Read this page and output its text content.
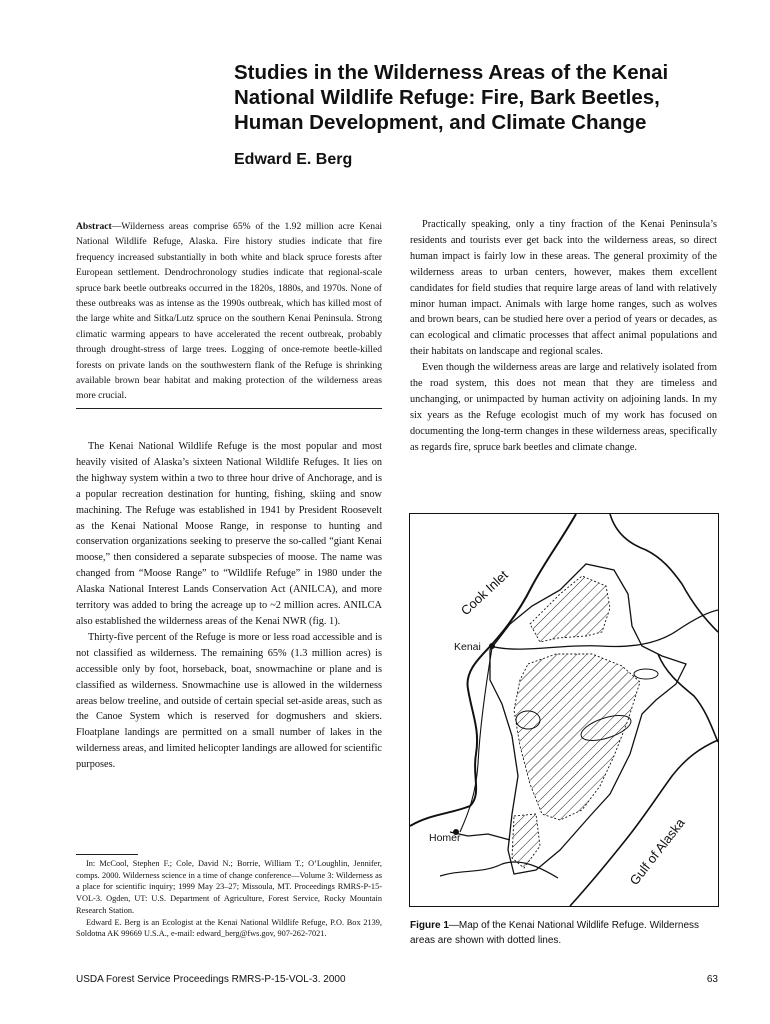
Studies in the Wilderness Areas of the Kenai National Wildlife Refuge: Fire, Bark Beetles, Human Development, and Climate Change

Edward E. Berg

Abstract—Wilderness areas comprise 65% of the 1.92 million acre Kenai National Wildlife Refuge, Alaska. Fire history studies indicate that fire frequency increased substantially in both white and black spruce forests after European settlement. Dendrochronology studies indicate that regional-scale spruce bark beetle outbreaks occurred in the 1820s, 1880s, and 1970s. None of these outbreaks was as intense as the 1990s outbreak, which has killed most of the large white and Sitka/Lutz spruce on the southern Kenai Peninsula. Strong climatic warming appears to have accelerated the recent outbreak, probably through drought-stress of large trees. Logging of once-remote beetle-killed forests on private lands on the southwestern flank of the Refuge is shrinking available brown bear habitat and making protection of the wilderness areas more crucial.

The Kenai National Wildlife Refuge is the most popular and most heavily visited of Alaska’s sixteen National Wildlife Refuges. It lies on the highway system within a two to three hour drive of Anchorage, and is a popular recreation destination for hunting, fishing, skiing and snow machining. The Refuge was established in 1941 by President Roosevelt as the Kenai National Moose Range, in response to hunting and conservation organizations seeking to preserve the so-called “giant Kenai moose,” then considered a separate subspecies of moose. The name was changed from “Moose Range” to “Wildlife Refuge” in 1980 under the Alaska National Interest Lands Conservation Act (ANILCA), and more territory was added to bring the acreage up to ~2 million acres. ANILCA also established the wilderness areas of the Kenai NWR (fig. 1).

Thirty-five percent of the Refuge is more or less road accessible and is not classified as wilderness. The remaining 65% (1.3 million acres) is accessible only by foot, horseback, boat, snowmachine or plane and is classified as wilderness. Snowmachine use is allowed in the wilderness areas below treeline, and outside of certain special set-aside areas, such as the Canoe System which is reserved for dogmushers and skiers. Floatplane landings are permitted on a small number of lakes in the wilderness areas, and limited helicopter landings are allowed for scientific purposes.

Practically speaking, only a tiny fraction of the Kenai Peninsula’s residents and tourists ever get back into the wilderness areas, so direct human impact is fairly low in these areas. The general proximity of the wilderness areas to urban centers, however, makes them excellent candidates for field studies that require large areas of land with relatively minor human impact. Animals with large home ranges, such as wolves and brown bears, can be studied here over a period of years or decades, as can ecological and climatic processes that affect animal populations and their habitats on landscape and regional scales.

Even though the wilderness areas are large and relatively isolated from the road system, this does not mean that they are timeless and unchanging, or unimpacted by human activity on adjoining lands. In my six years as the Refuge ecologist much of my work has focused on documenting the long-term changes in these wilderness areas, specifically as regards fire, spruce bark beetles and climate change.

In: McCool, Stephen F.; Cole, David N.; Borrie, William T.; O’Loughlin, Jennifer, comps. 2000. Wilderness science in a time of change conference—Volume 3: Wilderness as a place for scientific inquiry; 1999 May 23–27; Missoula, MT. Proceedings RMRS-P-15-VOL-3. Ogden, UT: U.S. Department of Agriculture, Forest Service, Rocky Mountain Research Station.

Edward E. Berg is an Ecologist at the Kenai National Wildlife Refuge, P.O. Box 2139, Soldotna AK 99669 U.S.A., e-mail: edward_berg@fws.gov, 907-262-7021.

Cook Inlet
Kenai
Homer	Gulf of Alaska

Figure 1—Map of the Kenai National Wildlife Refuge. Wilderness areas are shown with dotted lines.

USDA Forest Service Proceedings RMRS-P-15-VOL-3. 2000	63
